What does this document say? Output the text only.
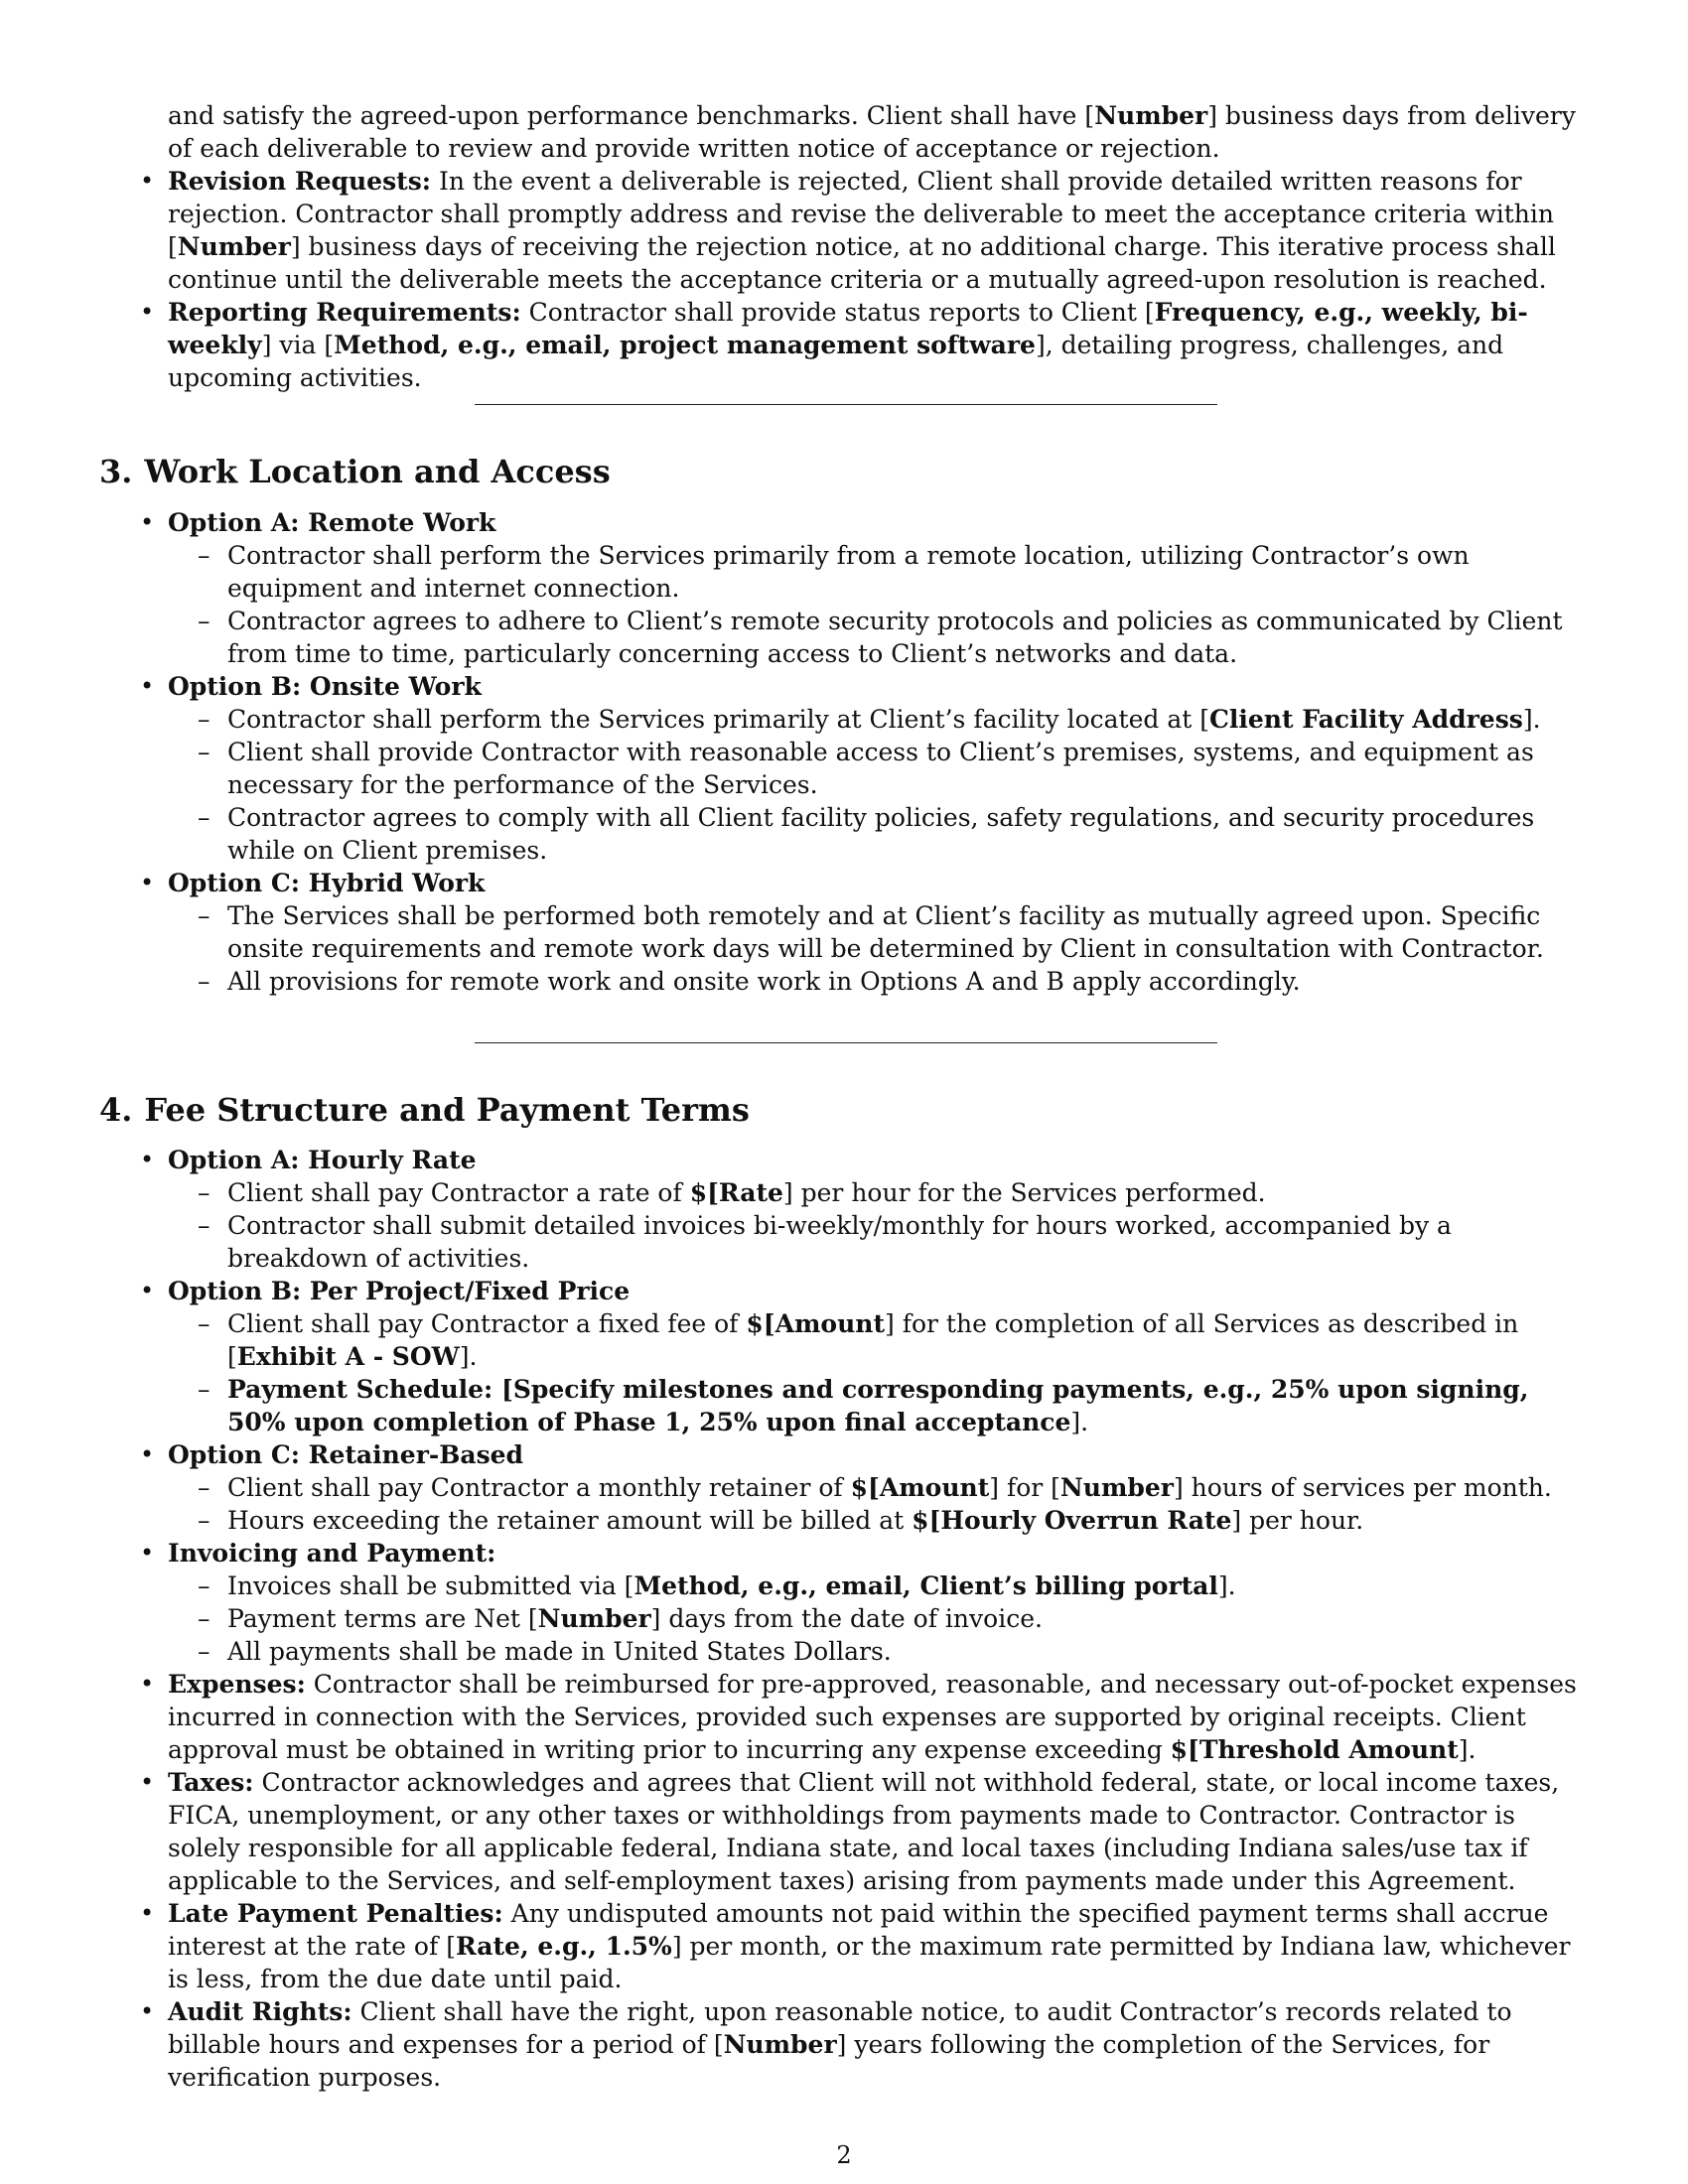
and satisfy the agreed-upon performance benchmarks. Client shall have [Number] business days from delivery of each deliverable to review and provide written notice of acceptance or rejection.

• Revision Requests: In the event a deliverable is rejected, Client shall provide detailed written reasons for rejection. Contractor shall promptly address and revise the deliverable to meet the acceptance criteria within [Number] business days of receiving the rejection notice, at no additional charge. This iterative process shall continue until the deliverable meets the acceptance criteria or a mutually agreed-upon resolution is reached.
• Reporting Requirements: Contractor shall provide status reports to Client [Frequency, e.g., weekly, bi-weekly] via [Method, e.g., email, project management software], detailing progress, challenges, and upcoming activities.
3. Work Location and Access
• Option A: Remote Work
– Contractor shall perform the Services primarily from a remote location, utilizing Contractor’s own equipment and internet connection.
– Contractor agrees to adhere to Client’s remote security protocols and policies as communicated by Client from time to time, particularly concerning access to Client’s networks and data.
• Option B: Onsite Work
– Contractor shall perform the Services primarily at Client’s facility located at [Client Facility Address].
– Client shall provide Contractor with reasonable access to Client’s premises, systems, and equipment as necessary for the performance of the Services.
– Contractor agrees to comply with all Client facility policies, safety regulations, and security procedures while on Client premises.
• Option C: Hybrid Work
– The Services shall be performed both remotely and at Client’s facility as mutually agreed upon. Specific onsite requirements and remote work days will be determined by Client in consultation with Contractor.
– All provisions for remote work and onsite work in Options A and B apply accordingly.
4. Fee Structure and Payment Terms
• Option A: Hourly Rate
– Client shall pay Contractor a rate of $[Rate] per hour for the Services performed.
– Contractor shall submit detailed invoices bi-weekly/monthly for hours worked, accompanied by a breakdown of activities.
• Option B: Per Project/Fixed Price
– Client shall pay Contractor a fixed fee of $[Amount] for the completion of all Services as described in [Exhibit A - SOW].
– Payment Schedule: [Specify milestones and corresponding payments, e.g., 25% upon signing, 50% upon completion of Phase 1, 25% upon final acceptance].
• Option C: Retainer-Based
– Client shall pay Contractor a monthly retainer of $[Amount] for [Number] hours of services per month.
– Hours exceeding the retainer amount will be billed at $[Hourly Overrun Rate] per hour.
• Invoicing and Payment:
– Invoices shall be submitted via [Method, e.g., email, Client’s billing portal].
– Payment terms are Net [Number] days from the date of invoice.
– All payments shall be made in United States Dollars.
• Expenses: Contractor shall be reimbursed for pre-approved, reasonable, and necessary out-of-pocket expenses incurred in connection with the Services, provided such expenses are supported by original receipts. Client approval must be obtained in writing prior to incurring any expense exceeding $[Threshold Amount].
• Taxes: Contractor acknowledges and agrees that Client will not withhold federal, state, or local income taxes, FICA, unemployment, or any other taxes or withholdings from payments made to Contractor. Contractor is solely responsible for all applicable federal, Indiana state, and local taxes (including Indiana sales/use tax if applicable to the Services, and self-employment taxes) arising from payments made under this Agreement.
• Late Payment Penalties: Any undisputed amounts not paid within the specified payment terms shall accrue interest at the rate of [Rate, e.g., 1.5%] per month, or the maximum rate permitted by Indiana law, whichever is less, from the due date until paid.
• Audit Rights: Client shall have the right, upon reasonable notice, to audit Contractor’s records related to billable hours and expenses for a period of [Number] years following the completion of the Services, for verification purposes.
2
